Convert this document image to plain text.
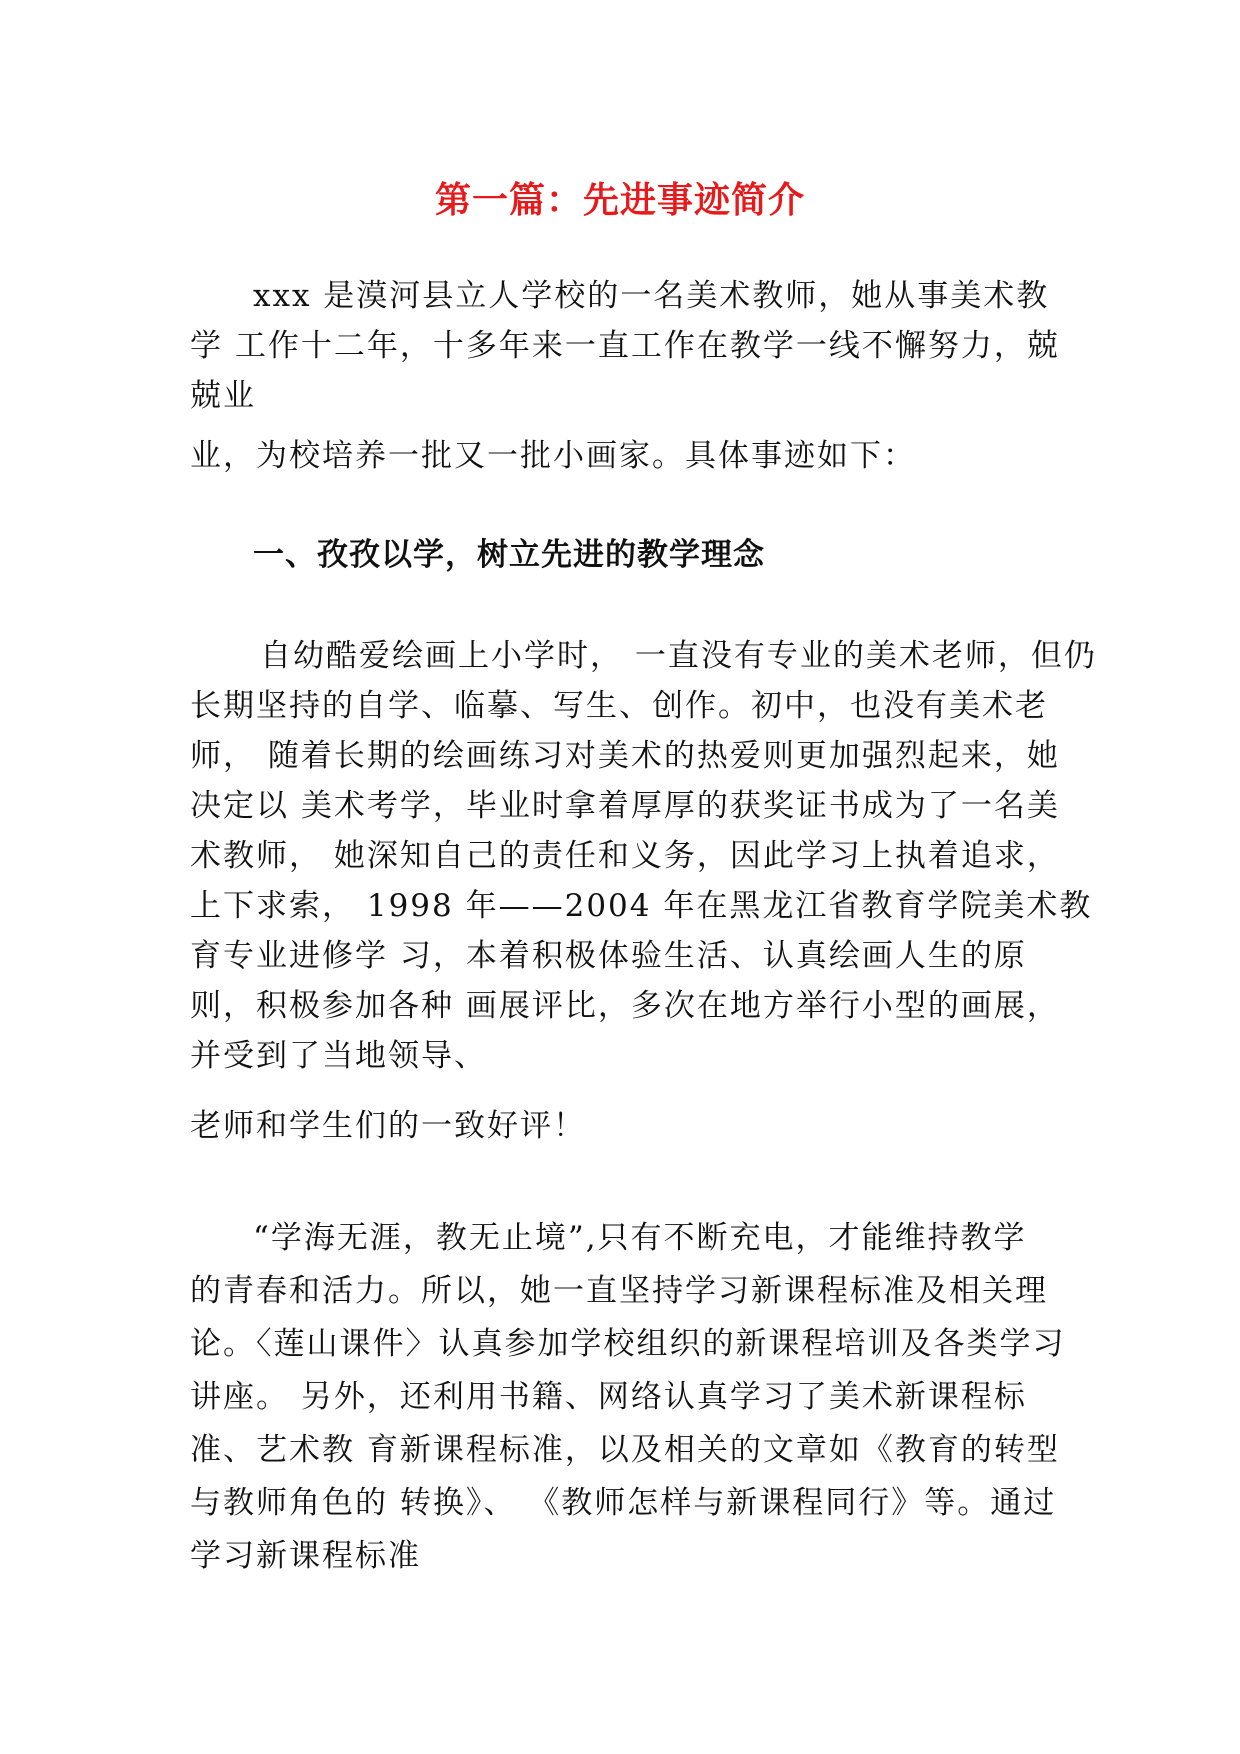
第一篇：先进事迹简介
xxx 是漠河县立人学校的一名美术教师，她从事美术教
学 工作十二年，十多年来一直工作在教学一线不懈努力，兢
兢业
业，为校培养一批又一批小画家。具体事迹如下：
一、孜孜以学，树立先进的教学理念
自幼酷爱绘画上小学时， 一直没有专业的美术老师，但仍
长期坚持的自学、临摹、写生、创作。初中，也没有美术老
师， 随着长期的绘画练习对美术的热爱则更加强烈起来，她
决定以 美术考学，毕业时拿着厚厚的获奖证书成为了一名美
术教师， 她深知自己的责任和义务，因此学习上执着追求，
上下求索， 1998 年——2004 年在黑龙江省教育学院美术教
育专业进修学 习，本着积极体验生活、认真绘画人生的原
则，积极参加各种 画展评比，多次在地方举行小型的画展，
并受到了当地领导、
老师和学生们的一致好评！
“学海无涯，教无止境”,只有不断充电，才能维持教学
的青春和活力。所以，她一直坚持学习新课程标准及相关理
论。〈莲山课件〉认真参加学校组织的新课程培训及各类学习
讲座。 另外，还利用书籍、网络认真学习了美术新课程标
准、艺术教 育新课程标准，以及相关的文章如《教育的转型
与教师角色的 转换》、 《教师怎样与新课程同行》等。通过
学习新课程标准
